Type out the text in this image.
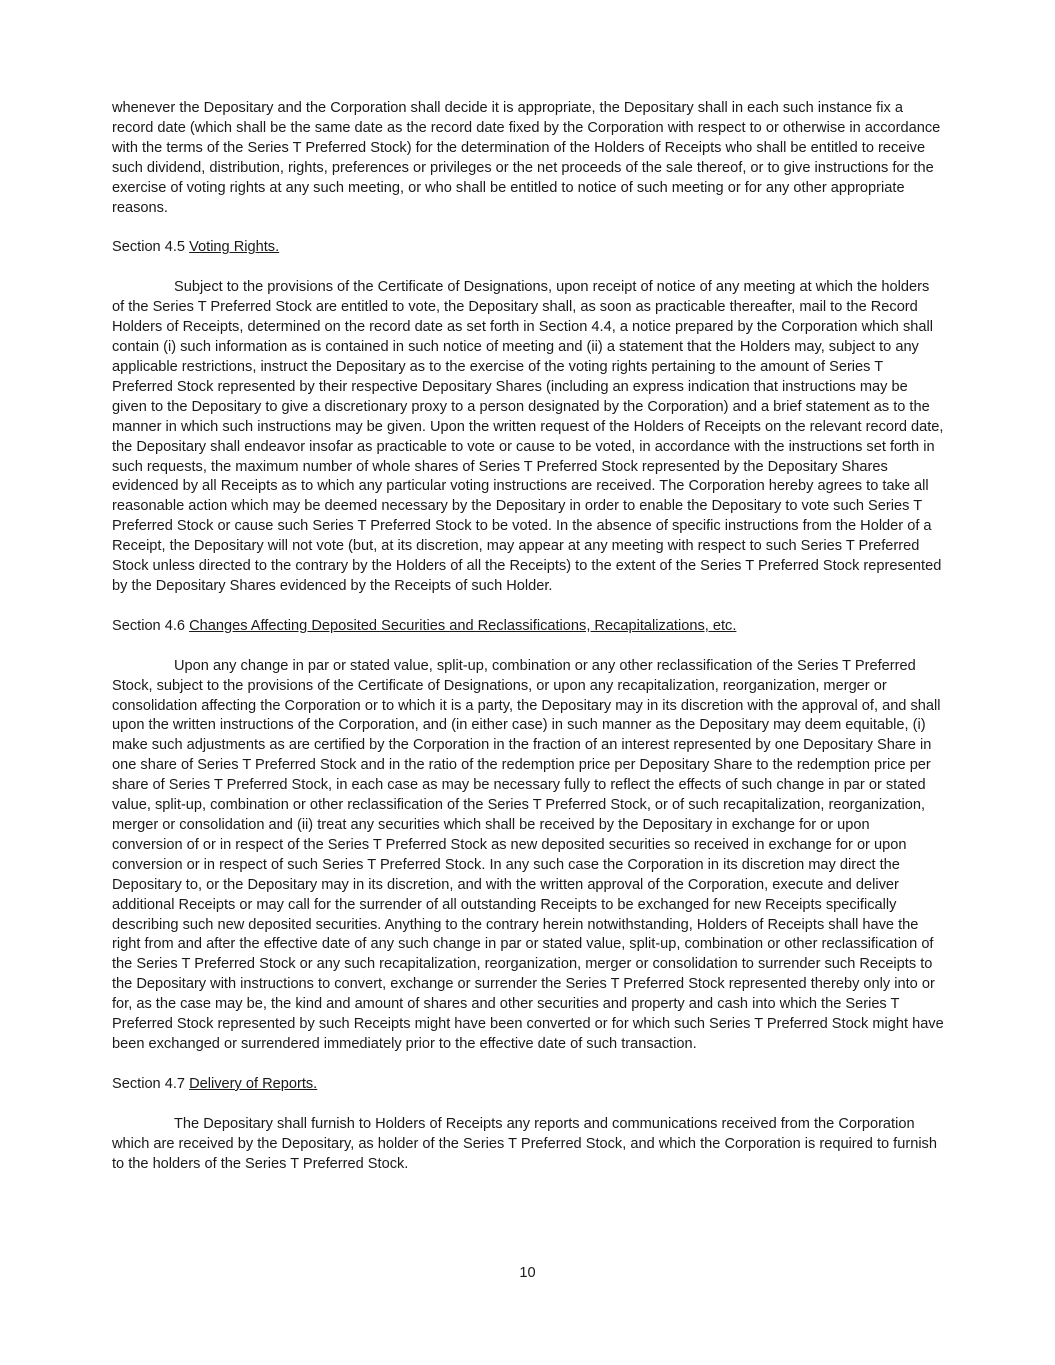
whenever the Depositary and the Corporation shall decide it is appropriate, the Depositary shall in each such instance fix a record date (which shall be the same date as the record date fixed by the Corporation with respect to or otherwise in accordance with the terms of the Series T Preferred Stock) for the determination of the Holders of Receipts who shall be entitled to receive such dividend, distribution, rights, preferences or privileges or the net proceeds of the sale thereof, or to give instructions for the exercise of voting rights at any such meeting, or who shall be entitled to notice of such meeting or for any other appropriate reasons.

Section 4.5 Voting Rights.

Subject to the provisions of the Certificate of Designations, upon receipt of notice of any meeting at which the holders of the Series T Preferred Stock are entitled to vote, the Depositary shall, as soon as practicable thereafter, mail to the Record Holders of Receipts, determined on the record date as set forth in Section 4.4, a notice prepared by the Corporation which shall contain (i) such information as is contained in such notice of meeting and (ii) a statement that the Holders may, subject to any applicable restrictions, instruct the Depositary as to the exercise of the voting rights pertaining to the amount of Series T Preferred Stock represented by their respective Depositary Shares (including an express indication that instructions may be given to the Depositary to give a discretionary proxy to a person designated by the Corporation) and a brief statement as to the manner in which such instructions may be given. Upon the written request of the Holders of Receipts on the relevant record date, the Depositary shall endeavor insofar as practicable to vote or cause to be voted, in accordance with the instructions set forth in such requests, the maximum number of whole shares of Series T Preferred Stock represented by the Depositary Shares evidenced by all Receipts as to which any particular voting instructions are received. The Corporation hereby agrees to take all reasonable action which may be deemed necessary by the Depositary in order to enable the Depositary to vote such Series T Preferred Stock or cause such Series T Preferred Stock to be voted. In the absence of specific instructions from the Holder of a Receipt, the Depositary will not vote (but, at its discretion, may appear at any meeting with respect to such Series T Preferred Stock unless directed to the contrary by the Holders of all the Receipts) to the extent of the Series T Preferred Stock represented by the Depositary Shares evidenced by the Receipts of such Holder.

Section 4.6 Changes Affecting Deposited Securities and Reclassifications, Recapitalizations, etc.

Upon any change in par or stated value, split-up, combination or any other reclassification of the Series T Preferred Stock, subject to the provisions of the Certificate of Designations, or upon any recapitalization, reorganization, merger or consolidation affecting the Corporation or to which it is a party, the Depositary may in its discretion with the approval of, and shall upon the written instructions of the Corporation, and (in either case) in such manner as the Depositary may deem equitable, (i) make such adjustments as are certified by the Corporation in the fraction of an interest represented by one Depositary Share in one share of Series T Preferred Stock and in the ratio of the redemption price per Depositary Share to the redemption price per share of Series T Preferred Stock, in each case as may be necessary fully to reflect the effects of such change in par or stated value, split-up, combination or other reclassification of the Series T Preferred Stock, or of such recapitalization, reorganization, merger or consolidation and (ii) treat any securities which shall be received by the Depositary in exchange for or upon conversion of or in respect of the Series T Preferred Stock as new deposited securities so received in exchange for or upon conversion or in respect of such Series T Preferred Stock. In any such case the Corporation in its discretion may direct the Depositary to, or the Depositary may in its discretion, and with the written approval of the Corporation, execute and deliver additional Receipts or may call for the surrender of all outstanding Receipts to be exchanged for new Receipts specifically describing such new deposited securities. Anything to the contrary herein notwithstanding, Holders of Receipts shall have the right from and after the effective date of any such change in par or stated value, split-up, combination or other reclassification of the Series T Preferred Stock or any such recapitalization, reorganization, merger or consolidation to surrender such Receipts to the Depositary with instructions to convert, exchange or surrender the Series T Preferred Stock represented thereby only into or for, as the case may be, the kind and amount of shares and other securities and property and cash into which the Series T Preferred Stock represented by such Receipts might have been converted or for which such Series T Preferred Stock might have been exchanged or surrendered immediately prior to the effective date of such transaction.

Section 4.7 Delivery of Reports.

The Depositary shall furnish to Holders of Receipts any reports and communications received from the Corporation which are received by the Depositary, as holder of the Series T Preferred Stock, and which the Corporation is required to furnish to the holders of the Series T Preferred Stock.

10
